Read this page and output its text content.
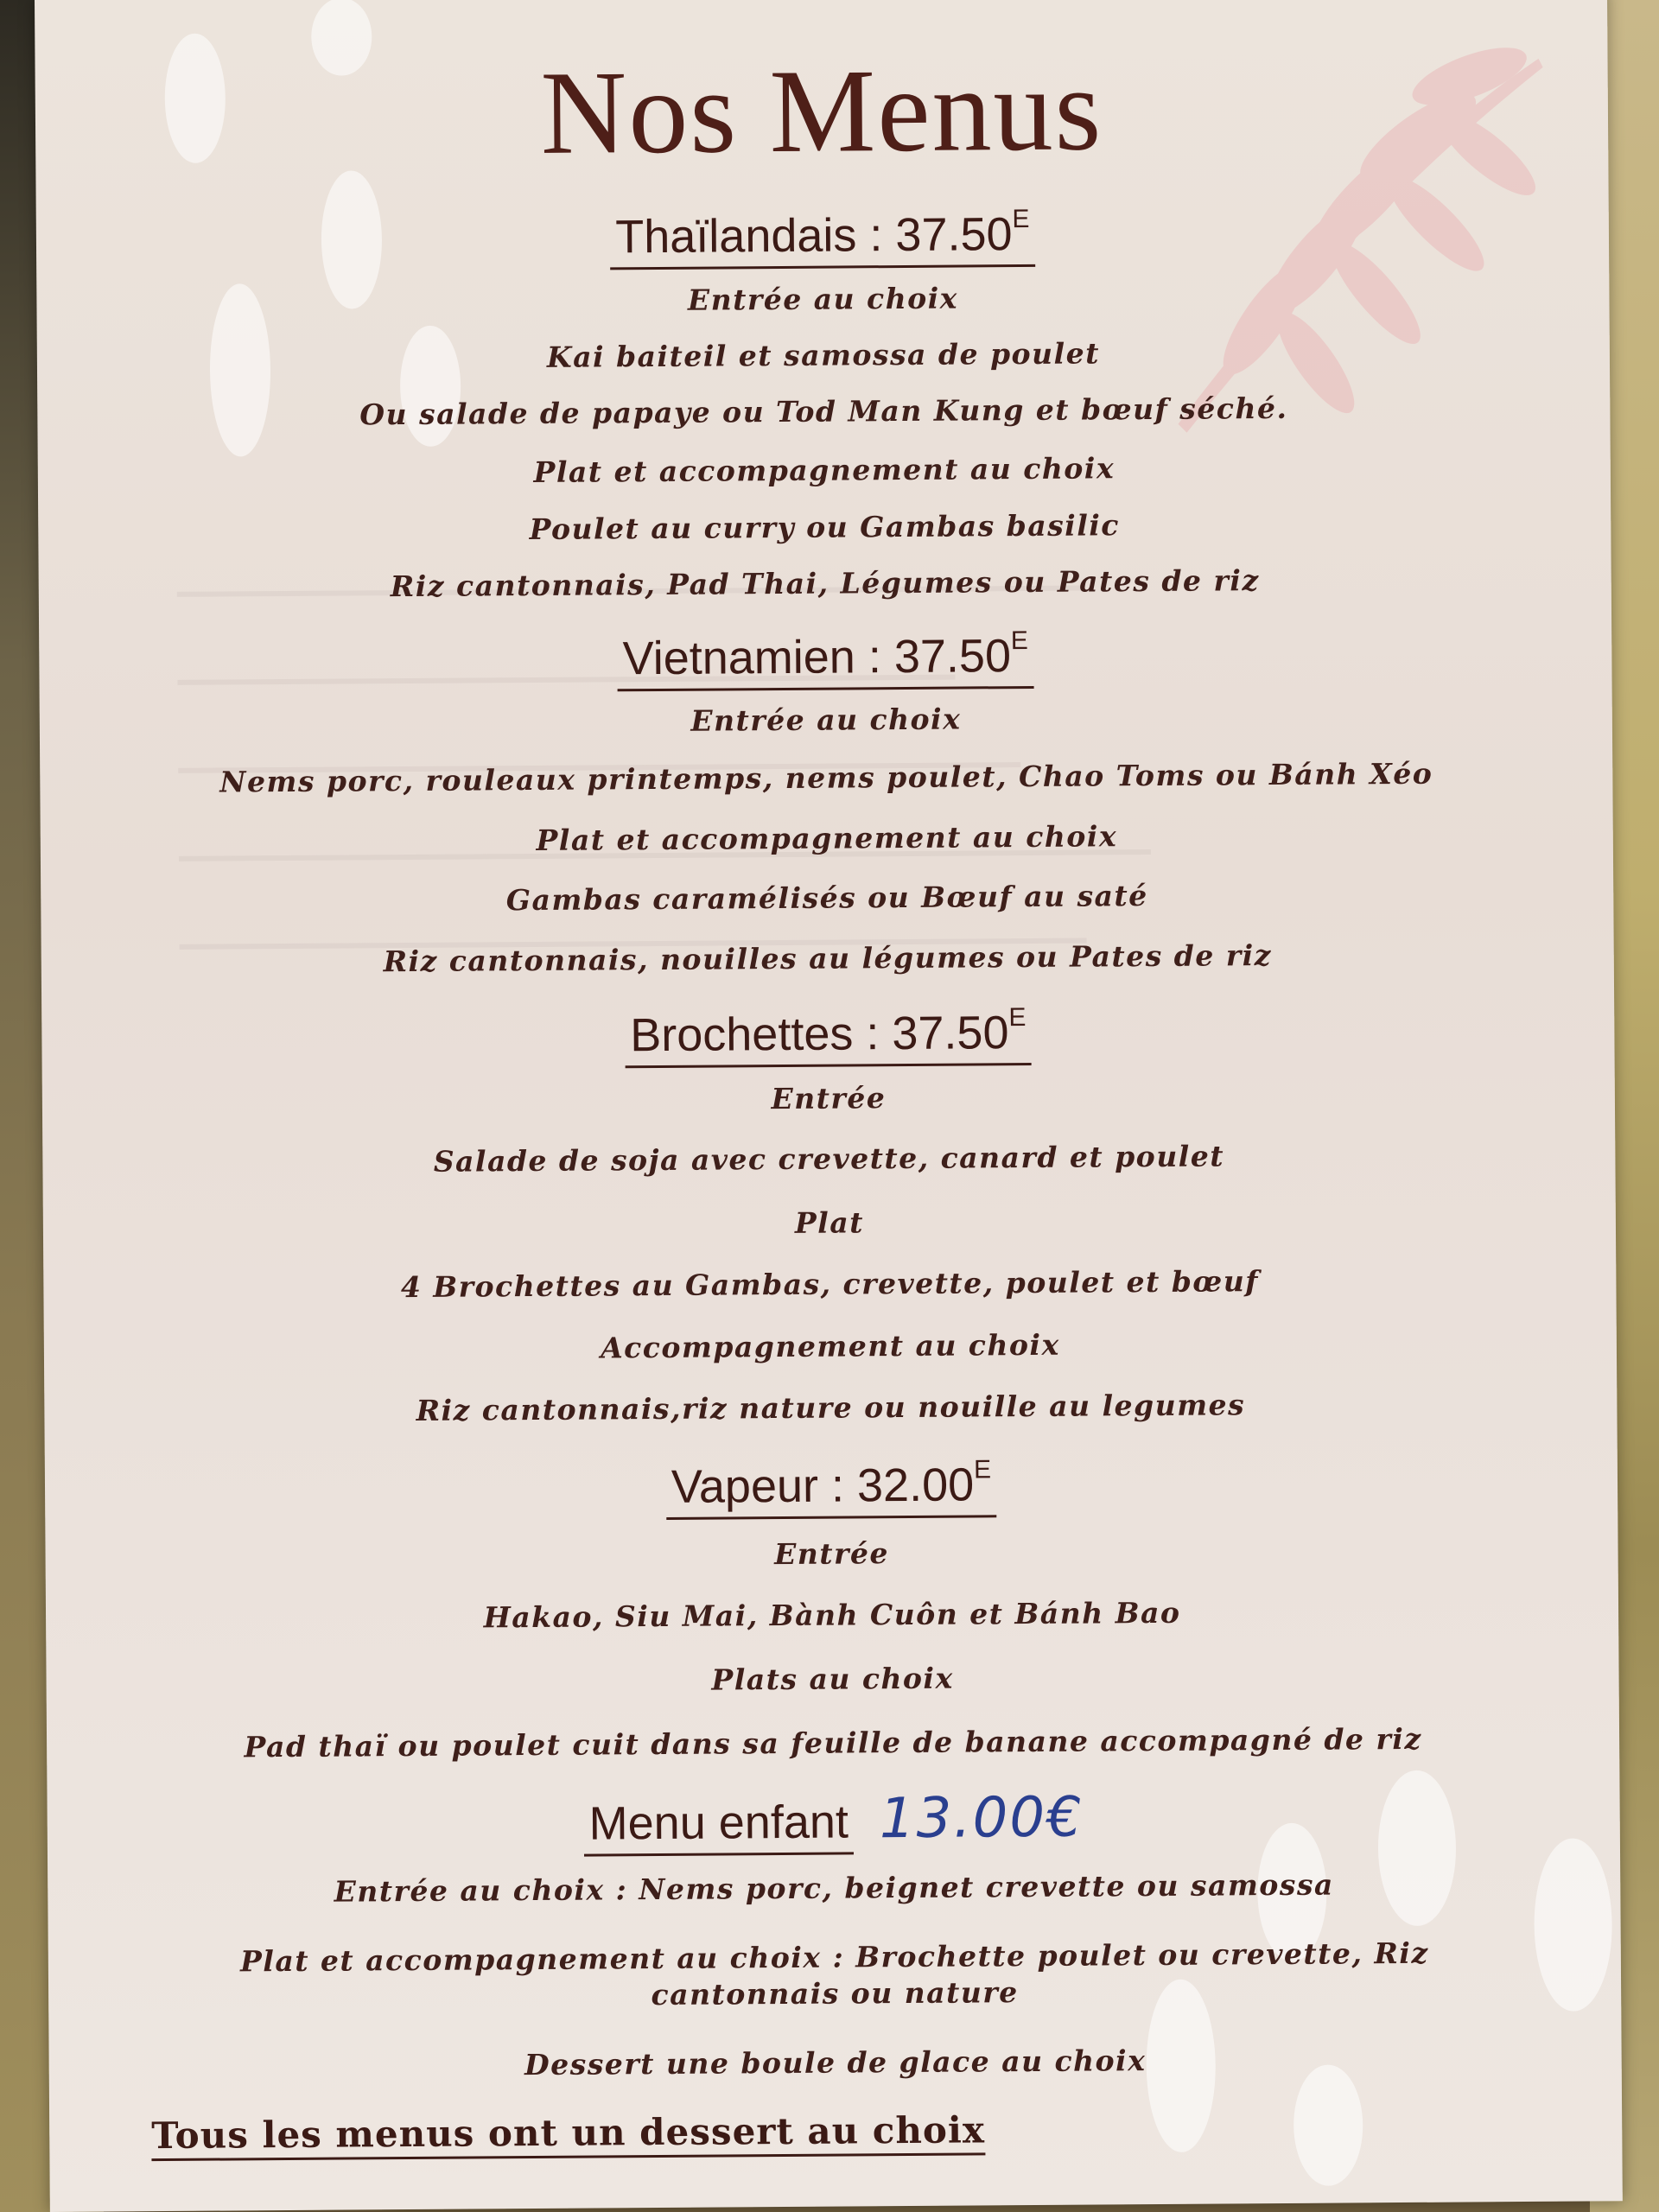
Nos Menus
Thaïlandais : $37.50^E$
Entrée au choix
Kai baiteil et samossa de poulet
Ou salade de papaye ou Tod Man Kung et bœuf séché.
Plat et accompagnement au choix
Poulet au curry ou Gambas basilic
Riz cantonnais, Pad Thai, Légumes ou Pates de riz
Vietnamien : $37.50^E$
Entrée au choix
Nems porc, rouleaux printemps, nems poulet, Chao Toms ou Bánh Xéo
Plat et accompagnement au choix
Gambas caramélisés ou Bœuf au saté
Riz cantonnais, nouilles au légumes ou Pates de riz
Brochettes : $37.50^E$
Entrée
Salade de soja avec crevette, canard et poulet
Plat
4 Brochettes au Gambas, crevette, poulet et bœuf
Accompagnement au choix
Riz cantonnais,riz nature ou nouille au legumes
Vapeur : $32.00^E$
Entrée
Hakao, Siu Mai, Bành Cuôn et Bánh Bao
Plats au choix
Pad thaï ou poulet cuit dans sa feuille de banane accompagné de riz
Menu enfant 13.00€
Entrée au choix : Nems porc, beignet crevette ou samossa
Plat et accompagnement au choix : Brochette poulet ou crevette, Riz
cantonnais ou nature
Dessert une boule de glace au choix
Tous les menus ont un dessert au choix
